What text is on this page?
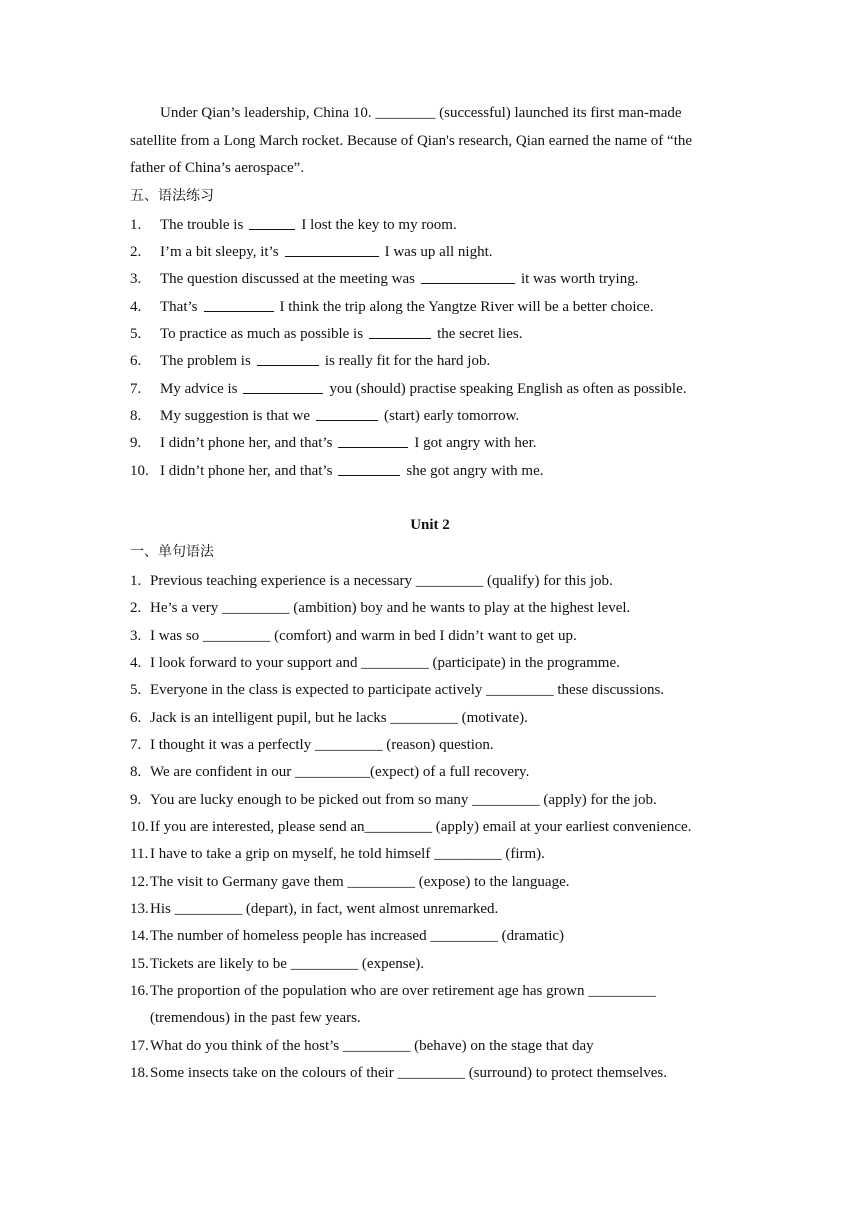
Under Qian’s leadership, China 10. ________ (successful) launched its first man-made satellite from a Long March rocket. Because of Qian's research, Qian earned the name of “the father of China’s aerospace”.

五、语法练习
1.	The trouble is	I lost the key to my room.
2.	I’m a bit sleepy, it’s	I was up all night.
3.	The question discussed at the meeting was	it was worth trying.
4.	That’s	I think the trip along the Yangtze River will be a better choice.
5.	To practice as much as possible is	the secret lies.
6.	The problem is	is really fit for the hard job.
7.	My advice is	you (should) practise speaking English as often as possible.
8.	My suggestion is that we	(start) early tomorrow.
9.	I didn’t phone her, and that’s	I got angry with her.
10. I didn’t phone her, and that’s	she got angry with me.
Unit 2
一、单句语法
1. Previous teaching experience is a necessary _________ (qualify) for this job.
2. He’s a very _________ (ambition) boy and he wants to play at the highest level.
3. I was so _________ (comfort) and warm in bed I didn’t want to get up.
4. I look forward to your support and _________ (participate) in the programme.
5. Everyone in the class is expected to participate actively _________ these discussions.
6. Jack is an intelligent pupil, but he lacks _________ (motivate).
7. I thought it was a perfectly _________ (reason) question.
8. We are confident in our __________(expect) of a full recovery.
9. You are lucky enough to be picked out from so many _________ (apply) for the job.
10. If you are interested, please send an_________ (apply) email at your earliest convenience.
11. I have to take a grip on myself, he told himself _________ (firm).
12. The visit to Germany gave them _________ (expose) to the language.
13. His _________ (depart), in fact, went almost unremarked.
14. The number of homeless people has increased _________ (dramatic)
15. Tickets are likely to be _________ (expense).
16. The proportion of the population who are over retirement age has grown _________ (tremendous) in the past few years.
17. What do you think of the host’s _________ (behave) on the stage that day
18. Some insects take on the colours of their _________ (surround) to protect themselves.
